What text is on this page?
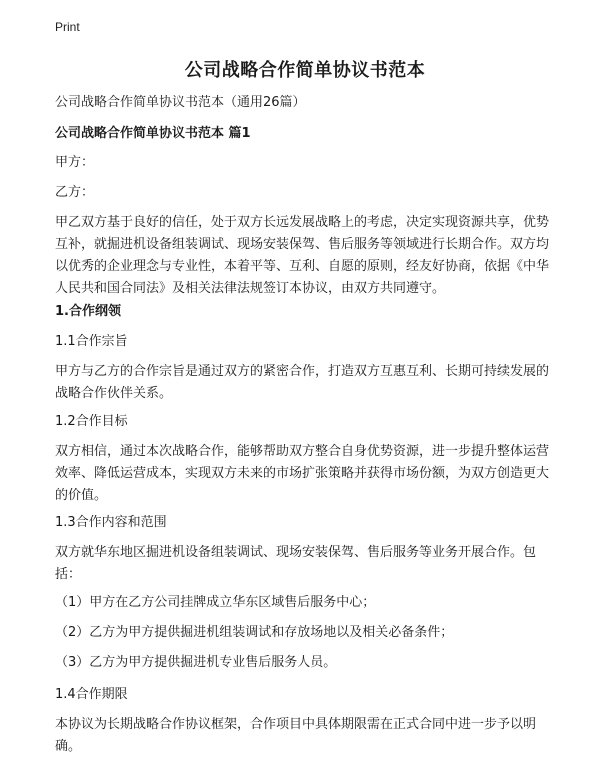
Print
公司战略合作简单协议书范本

公司战略合作简单协议书范本（通用26篇）

公司战略合作简单协议书范本 篇1

甲方：

乙方：

甲乙双方基于良好的信任，处于双方长远发展战略上的考虑，决定实现资源共享，优势互补，就掘进机设备组装调试、现场安装保驾、售后服务等领域进行长期合作。双方均以优秀的企业理念与专业性，本着平等、互利、自愿的原则，经友好协商，依据《中华人民共和国合同法》及相关法律法规签订本协议，由双方共同遵守。

1.合作纲领

1.1合作宗旨

甲方与乙方的合作宗旨是通过双方的紧密合作，打造双方互惠互利、长期可持续发展的战略合作伙伴关系。

1.2合作目标

双方相信，通过本次战略合作，能够帮助双方整合自身优势资源，进一步提升整体运营效率、降低运营成本，实现双方未来的市场扩张策略并获得市场份额，为双方创造更大的价值。

1.3合作内容和范围

双方就华东地区掘进机设备组装调试、现场安装保驾、售后服务等业务开展合作。包括：

（1）甲方在乙方公司挂牌成立华东区域售后服务中心；

（2）乙方为甲方提供掘进机组装调试和存放场地以及相关必备条件；

（3）乙方为甲方提供掘进机专业售后服务人员。

1.4合作期限

本协议为长期战略合作协议框架，合作项目中具体期限需在正式合同中进一步予以明确。
